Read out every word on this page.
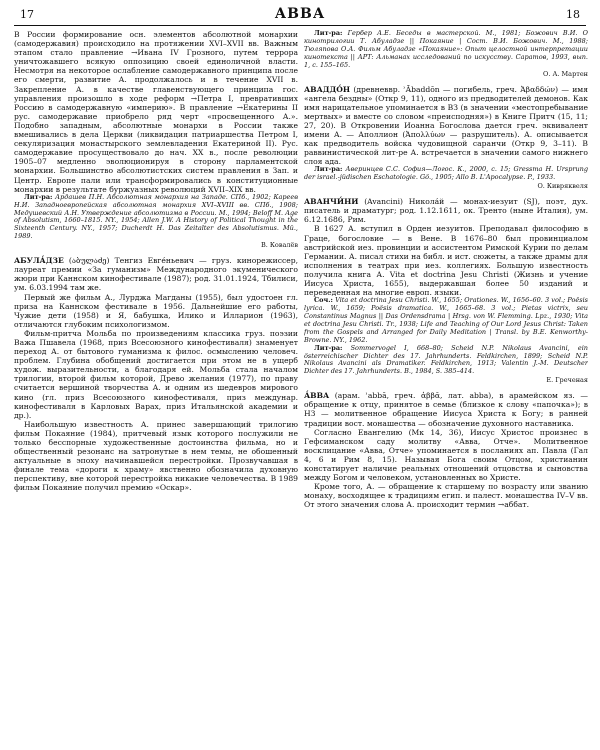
17	АВВА	18

В России формирование осн. элементов абсолютной монархии (самодержавия) происходило на протяжении XVI–XVII вв. Важным этапом стало правление →Ивана IV Грозного, путем террора уничтожавшего всякую оппозицию своей единоличной власти. Несмотря на некоторое ослабление самодержавного принципа после его смерти, развитие А. продолжалось и в течение XVII в. Закрепление А. в качестве главенствующего принципа гос. управления произошло в ходе реформ →Петра I, превративших Россию в самодержавную «империю». В правление →Екатерины II рус. самодержавие приобрело ряд черт «просвещенного А.». Подобно западным, абсолютные монархи в России также вмешивались в дела Церкви (ликвидация патриаршества Петром I, секуляризация монастырского землевладения Екатериной II). Рус. самодержавие просуществовало до нач. XX в., после революции 1905–07 медленно эволюционируя в сторону парламентской монархии. Большинство абсолютистских систем правления в Зап. и Центр. Европе пали или трансформировались в конституционные монархии в результате буржуазных революций XVII–XIX вв.

Лит-ра: Ардашев П.Н. Абсолютная монархия на Западе. СПб., 1902; Кареев Н.И. Западноевропейская абсолютная монархия XVI–XVIII вв. СПб., 1908; Медушевский А.Н. Утверждение абсолютизма в России. М., 1994; Beloff M. Age of Absolutism, 1660–1815. NY., 1954; Allen J.W. A History of Political Thought in the Sixteenth Century. NY., 1957; Ducherdt H. Das Zeitalter des Absolutismus. Mü., 1989.

В. Ковалёв

АБУЛА́ДЗЕ (აბულაძე) Тенгиз Евге́ньевич — груз. кинорежиссер, лауреат премии «За гуманизм» Международного экуменического жюри при Каннском кинофестивале (1987); род. 31.01.1924, Тбилиси, ум. 6.03.1994 там же.

Первый же фильм А., Лурджа Магданы (1955), был удостоен гл. приза на Каннском фестивале в 1956. Дальнейшие его работы, Чужие дети (1958) и Я, бабушка, Илико и Илларион (1963), отличаются глубоким психологизмом.

Фильм-притча Мольба по произведениям классика груз. поэзии Важа Пшавела (1968, приз Всесоюзного кинофестиваля) знаменует переход А. от бытового гуманизма к филос. осмыслению человеч. проблем. Глубина обобщений достигается при этом не в ущерб худож. выразительности, а благодаря ей. Мольба стала началом трилогии, второй фильм которой, Древо желания (1977), по праву считается вершиной творчества А. и одним из шедевров мирового кино (гл. приз Всесоюзного кинофестиваля, приз междунар. кинофестиваля в Карловых Варах, приз Итальянской академии и др.).

Наибольшую известность А. принес завершающий трилогию фильм Покаяние (1984), притчевый язык которого послужили не только бесспорные художественные достоинства фильма, но и общественный резонанс на затронутые в нем темы, не обошенный актуальные в эпоху начинавшейся перестройки. Прозвучавшая в финале тема «дороги к храму» явственно обозначила духовную перспективу, вне которой перестройка никакие человечества. В 1989 фильм Покаяние получил премию «Оскар».

Лит-ра: Гербер А.Е. Беседы в мастерской. М., 1981; Божович В.И. О кинотрилогии Т. Абуладзе || Покаяние | Сост. В.И. Божович. М., 1988; Тюляпова О.А. Фильм Абуладзе «Покаяние»: Опыт целостной интерпретации кинотекста || АРТ: Альманах исследований по искусству. Саратов, 1993, вып. 1, с. 155–165.

О. А. Мартен

АВАДДО́Н (древневвр. ʾĀbaddōn — погибель, греч. Ἀβαδδών) — имя «ангела бездны» (Откр 9, 11), одного из предводителей демонов. Как имя нарицательное упоминается в ВЗ (в значении «местопребывание мертвых» и вместе со словом «преисподняя») в Книге Притч (15, 11; 27, 20). В Откровении Иоанна Богослова дается греч. эквивалент имени А. — Аполлион (Ἀπολλύων — разрушитель). А. описывается как предводитель войска чудовищной саранчи (Откр 9, 3–11). В раввинистической лит-ре А. встречается в значении самого нижнего слоя ада.

Лит-ра: Аверинцев С.С. София—Логос. К., 2000, с. 15; Gressma H. Ursprung der israel.-jüdischen Eschatologie. Gö., 1905; Allo B. L'Apocalypse. P., 1933.

О. Кивряквеля

АВАНЧИ́НИ (Avancini) Никола́й — монах-иезуит (SJ), поэт, дух. писатель и драматург; род. 1.12.1611, ок. Тренто (ныне Италия), ум. 6.12.1686, Рим.

В 1627 А. вступил в Орден иезуитов. Преподавал философию в Граце, богословие — в Вене. В 1676–80 был провинциалом австрийской иез. провинции и ассистентом Римской Курии по делам Германии. А. писал стихи на библ. и ист. сюжеты, а также драмы для исполнения в театрах при иез. коллегиях. Большую известность получила книга А. Vita et doctrina Jesu Christi (Жизнь и учение Иисуса Христа, 1655), выдержавшая более 50 изданий и переведенная на многие европ. языки.

Соч.: Vita et doctrina Jesu Christi. W., 1655; Orationes. W., 1656–60. 3 vol.; Poësis lyrica. W., 1659; Poësis dramatica. W., 1665–68. 3 vol.; Pietas victrix, seu Constantinus Magnus || Das Ordensdrama | Hrsg. von W. Flemming. Lpz., 1930; Vita et doctrina Jesu Christi. Tr., 1938; Life and Teaching of Our Lord Jesus Christ: Taken from the Gospels and Arranged for Daily Meditation | Transl. by B.E. Kenworthy-Browne. NY., 1962.

Лит-ра: Sommervogel I, 668–80; Scheid N.P. Nikolaus Avancini, ein österreichischer Dichter des 17. Jahrhunderts. Feldkirchen, 1899; Scheid N.P. Nikolaus Avancini als Dramatiker. Feldkirchen, 1913; Valentin J.-M. Deutscher Dichter des 17. Jahrhunderts. B., 1984, S. 385–414.

Е. Греченая

А́ВВА (арам. ʾabbā, греч. ἀββᾶ, лат. abba), в арамейском яз. — обращение к отцу, принятое в семье (близкое к слову «папочка»); в НЗ — молитвенное обращение Иисуса Христа к Богу; в ранней традиции вост. монашества — обозначение духовного наставника.

Согласно Евангелию (Мк 14, 36), Иисус Христос произнес в Гефсиманском саду молитву «Авва, Отче». Молитвенное восклицание «Авва, Отче» упоминается в посланиях ап. Павла (Гал 4, 6 и Рим 8, 15). Называя Бога своим Отцом, христианин констатирует наличие реальных отношений отцовства и сыновства между Богом и человеком, установленных во Христе.

Кроме того, А. — обращение к старшему по возрасту или званию монаху, восходящее к традициям егип. и палест. монашества IV–V вв. От этого значения слова А. происходит термин →аббат.
